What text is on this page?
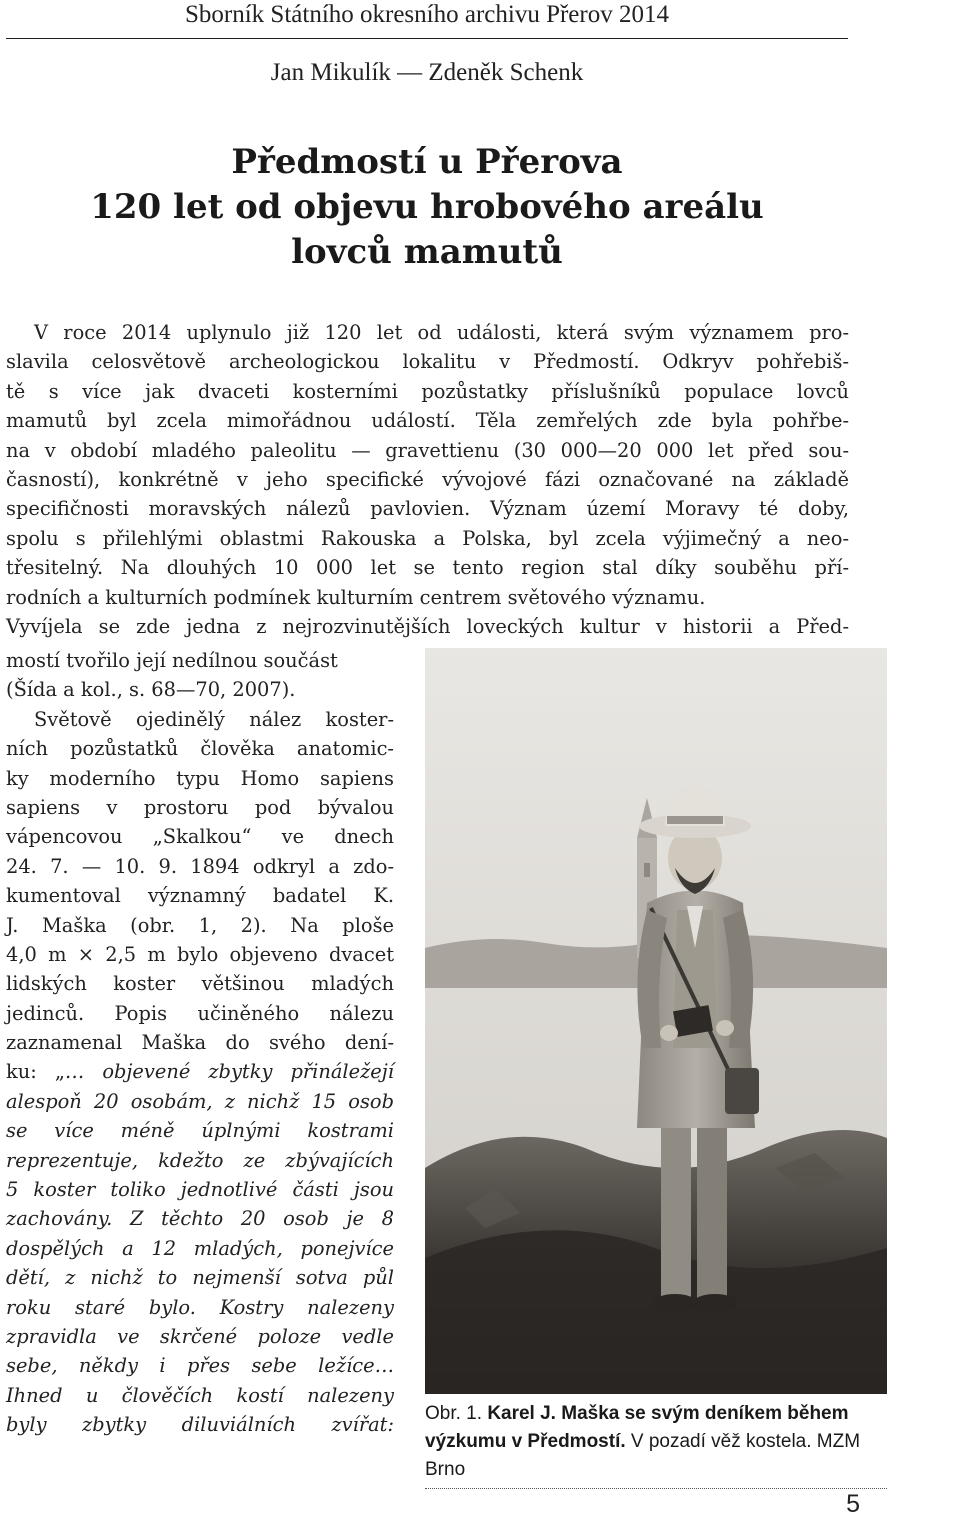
Sborník Státního okresního archivu Přerov 2014
Jan Mikulík — Zdeněk Schenk
Předmostí u Přerova
120 let od objevu hrobového areálu
lovců mamutů
V roce 2014 uplynulo již 120 let od události, která svým významem pro-
slavila celosvětově archeologickou lokalitu v Předmostí. Odkryv pohřebiš-
tě s více jak dvaceti kosterními pozůstatky příslušníků populace lovců
mamutů byl zcela mimořádnou událostí. Těla zemřelých zde byla pohřbe-
na v období mladého paleolitu — gravettienu (30 000—20 000 let před sou-
časností), konkrétně v jeho specifické vývojové fázi označované na základě
specifičnosti moravských nálezů pavlovien. Význam území Moravy té doby,
spolu s přilehlými oblastmi Rakouska a Polska, byl zcela výjimečný a neo-
třesitelný. Na dlouhých 10 000 let se tento region stal díky souběhu pří-
rodních a kulturních podmínek kulturním centrem světového významu.
Vyvíjela se zde jedna z nejrozvinutějších loveckých kultur v historii a Před-
mostí tvořilo její nedílnou součást
(Šída a kol., s. 68—70, 2007).
Světově ojedinělý nález koster-
ních pozůstatků člověka anatomic-
ky moderního typu Homo sapiens
sapiens v prostoru pod bývalou
vápencovou „Skalkou“ ve dnech
24. 7. — 10. 9. 1894 odkryl a zdo-
kumentoval významný badatel K.
J. Maška (obr. 1, 2). Na ploše
4,0 m × 2,5 m bylo objeveno dvacet
lidských koster většinou mladých
jedinců. Popis učiněného nálezu
zaznamenal Maška do svého dení-
ku: „… objevené zbytky přináležejí
alespoň 20 osobám, z nichž 15 osob
se více méně úplnými kostrami
reprezentuje, kdežto ze zbývajících
5 koster toliko jednotlivé části jsou
zachovány. Z těchto 20 osob je 8
dospělých a 12 mladých, ponejvíce
dětí, z nichž to nejmenší sotva půl
roku staré bylo. Kostry nalezeny
zpravidla ve skrčené poloze vedle
sebe, někdy i přes sebe ležíce…
Ihned u člověčích kostí nalezeny
byly zbytky diluviálních zvířat: Obr. 1. Karel J. Maška se svým deníkem během výzkumu v Předmostí. V pozadí věž kostela. MZM Brno
5
